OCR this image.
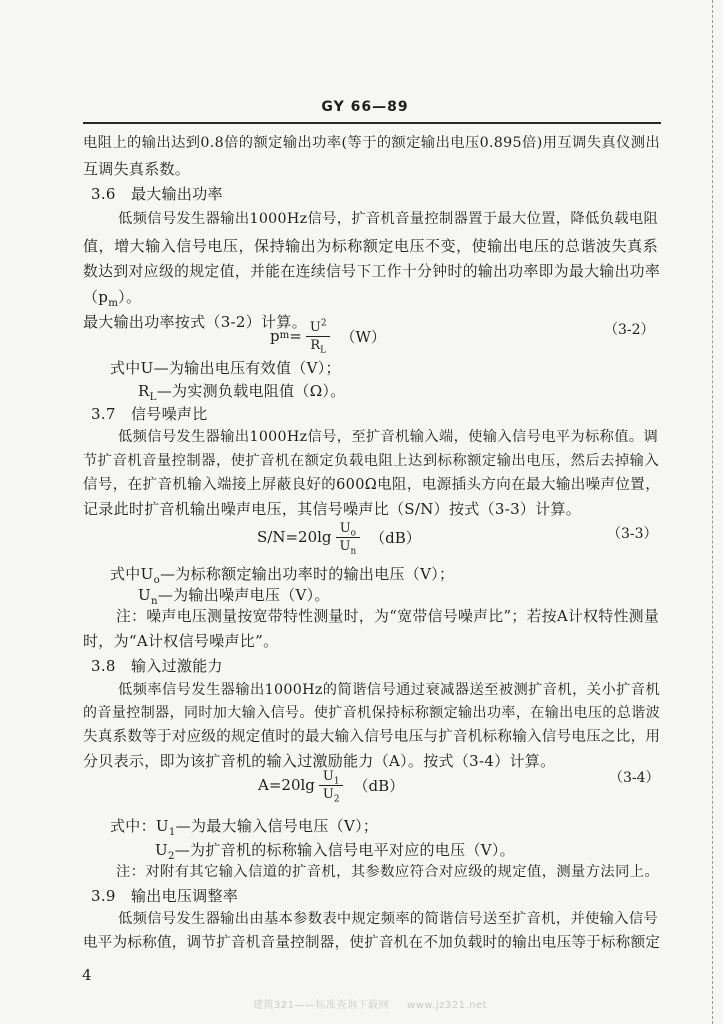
GY 66—89
电阻上的输出达到0.8倍的额定输出功率(等于的额定输出电压0.895倍)用互调失真仪测出
互调失真系数。
3.6 最大输出功率
低频信号发生器输出1000Hz信号，扩音机音量控制器置于最大位置，降低负载电阻
值，增大输入信号电压，保持输出为标称额定电压不变，使输出电压的总谐波失真系
数达到对应级的规定值，并能在连续信号下工作十分钟时的输出功率即为最大输出功率
$(p_m)$。
最大输出功率按式（3-2）计算。
p $m = \frac{U^2}{R_L} (W)$	（3-2）
式中U—为输出电压有效值（V）；
$R_L—$为实测负载电阻值（Ω）。
3.7 信号噪声比
低频信号发生器输出1000Hz信号，至扩音机输入端，使输入信号电平为标称值。调
节扩音机音量控制器，使扩音机在额定负载电阻上达到标称额定输出电压，然后去掉输入
信号，在扩音机输入端接上屏蔽良好的600Ω电阻，电源插头方向在最大输出噪声位置，
记录此时扩音机输出噪声电压，其信号噪声比（S/N）按式（3-3）计算。
$S/N=20\lg \frac{U_o}{U_n} (dB)$	（3-3）
式中$U_o—$为标称额定输出功率时的输出电压（V）；
$U_n—$为输出噪声电压（V）。
注：噪声电压测量按宽带特性测量时，为“宽带信号噪声比”；若按A计权特性测量
时，为“A计权信号噪声比”。
3.8 输入过激能力
低频率信号发生器输出1000Hz的简谐信号通过衰减器送至被测扩音机，关小扩音机
的音量控制器，同时加大输入信号。使扩音机保持标称额定输出功率，在输出电压的总谐波
失真系数等于对应级的规定值时的最大输入信号电压与扩音机标称输入信号电压之比，用
分贝表示，即为该扩音机的输入过激励能力（A）。按式（3-4）计算。
$A=20\lg \frac{U_1}{U_2} (dB)$	（3-4）
式中：$U_1—$为最大输入信号电压（V）；
$U_2—$为扩音机的标称输入信号电平对应的电压（V）。
注：对附有其它输入信道的扩音机，其参数应符合对应级的规定值，测量方法同上。
3.9 输出电压调整率
低频信号发生器输出由基本参数表中规定频率的简谐信号送至扩音机，并使输入信号
电平为标称值，调节扩音机音量控制器，使扩音机在不加负载时的输出电压等于标称额定
4
建筑321——标准查询下载网 www.jz321.net
